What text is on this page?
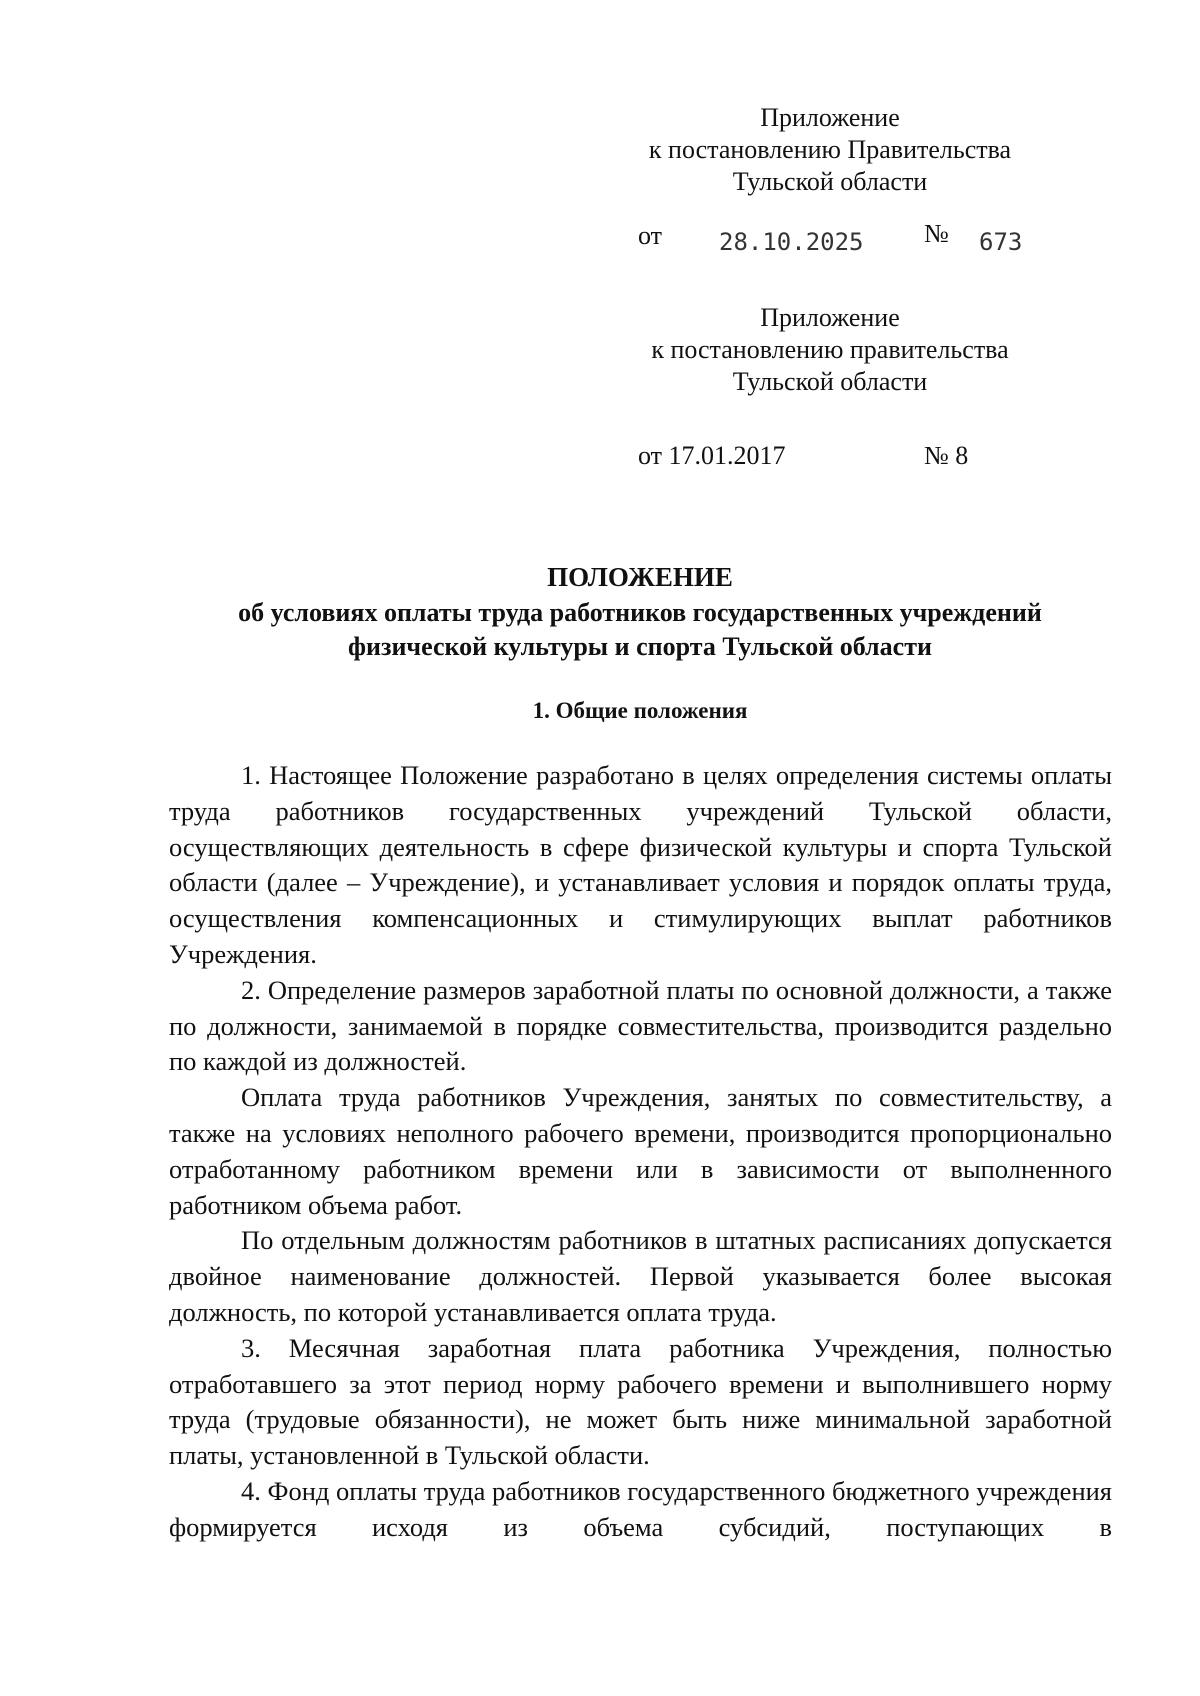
Приложение
к постановлению Правительства
Тульской области
от 28.10.2025 № 673
Приложение
к постановлению правительства
Тульской области
от 17.01.2017	№ 8
ПОЛОЖЕНИЕ
об условиях оплаты труда работников государственных учреждений
физической культуры и спорта Тульской области
1. Общие положения

1. Настоящее Положение разработано в целях определения системы оплаты труда работников государственных учреждений Тульской области, осуществляющих деятельность в сфере физической культуры и спорта Тульской области (далее – Учреждение), и устанавливает условия и порядок оплаты труда, осуществления компенсационных и стимулирующих выплат работников Учреждения.

2. Определение размеров заработной платы по основной должности, а также по должности, занимаемой в порядке совместительства, производится раздельно по каждой из должностей.

Оплата труда работников Учреждения, занятых по совместительству, а также на условиях неполного рабочего времени, производится пропорционально отработанному работником времени или в зависимости от выполненного работником объема работ.

По отдельным должностям работников в штатных расписаниях допускается двойное наименование должностей. Первой указывается более высокая должность, по которой устанавливается оплата труда.

3. Месячная заработная плата работника Учреждения, полностью отработавшего за этот период норму рабочего времени и выполнившего норму труда (трудовые обязанности), не может быть ниже минимальной заработной платы, установленной в Тульской области.

4. Фонд оплаты труда работников государственного бюджетного учреждения формируется исходя из объема субсидий, поступающих в
